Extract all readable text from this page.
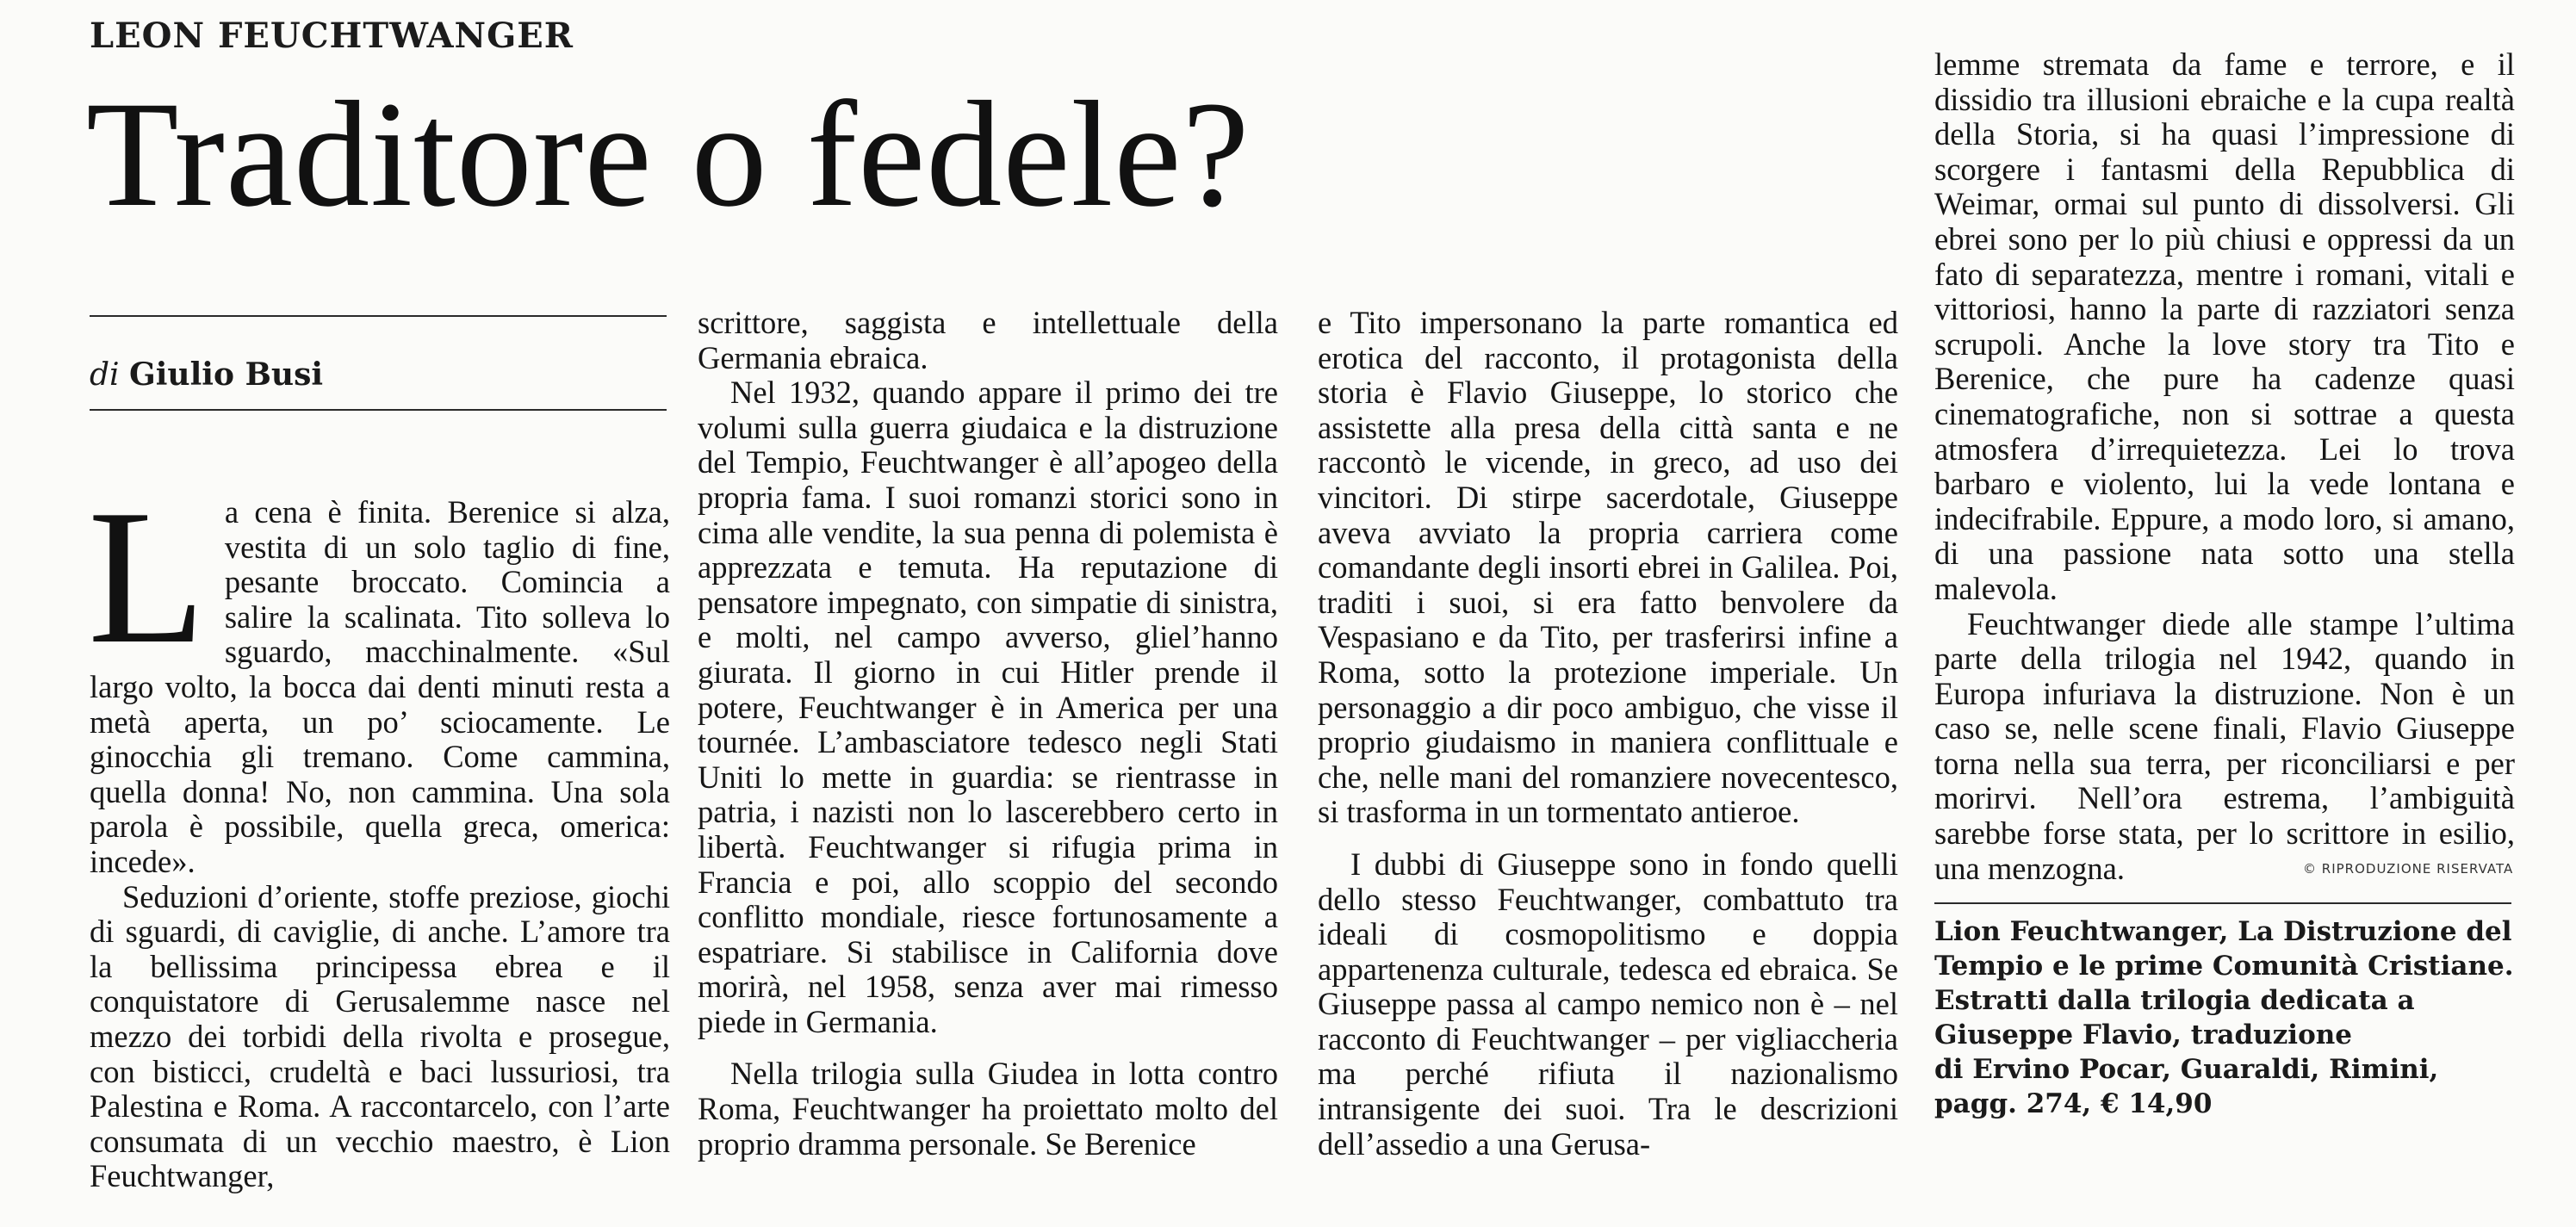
LEON FEUCHTWANGER
Traditore o fedele?
di Giulio Busi

La cena è finita. Berenice si alza, vestita di un solo taglio di fine, pesante broccato. Comincia a salire la scalinata. Tito solleva lo sguardo, macchinalmente. «Sul largo volto, la bocca dai denti minuti resta a metà aperta, un po’ sciocamente. Le ginocchia gli tremano. Come cammina, quella donna! No, non cammina. Una sola parola è possibile, quella greca, omerica: incede».

Seduzioni d’oriente, stoffe preziose, giochi di sguardi, di caviglie, di anche. L’amore tra la bellissima principessa ebrea e il conquistatore di Gerusalemme nasce nel mezzo dei torbidi della rivolta e prosegue, con bisticci, crudeltà e baci lussuriosi, tra Palestina e Roma. A raccontarcelo, con l’arte consumata di un vecchio maestro, è Lion Feuchtwanger,

scrittore, saggista e intellettuale della Germania ebraica.

Nel 1932, quando appare il primo dei tre volumi sulla guerra giudaica e la distruzione del Tempio, Feuchtwanger è all’apogeo della propria fama. I suoi romanzi storici sono in cima alle vendite, la sua penna di polemista è apprezzata e temuta. Ha reputazione di pensatore impegnato, con simpatie di sinistra, e molti, nel campo avverso, gliel’hanno giurata. Il giorno in cui Hitler prende il potere, Feuchtwanger è in America per una tournée. L’ambasciatore tedesco negli Stati Uniti lo mette in guardia: se rientrasse in patria, i nazisti non lo lascerebbero certo in libertà. Feuchtwanger si rifugia prima in Francia e poi, allo scoppio del secondo conflitto mondiale, riesce fortunosamente a espatriare. Si stabilisce in California dove morirà, nel 1958, senza aver mai rimesso piede in Germania.

Nella trilogia sulla Giudea in lotta contro Roma, Feuchtwanger ha proiettato molto del proprio dramma personale. Se Berenice

e Tito impersonano la parte romantica ed erotica del racconto, il protagonista della storia è Flavio Giuseppe, lo storico che assistette alla presa della città santa e ne raccontò le vicende, in greco, ad uso dei vincitori. Di stirpe sacerdotale, Giuseppe aveva avviato la propria carriera come comandante degli insorti ebrei in Galilea. Poi, traditi i suoi, si era fatto benvolere da Vespasiano e da Tito, per trasferirsi infine a Roma, sotto la protezione imperiale. Un personaggio a dir poco ambiguo, che visse il proprio giudaismo in maniera conflittuale e che, nelle mani del romanziere novecentesco, si trasforma in un tormentato antieroe.

I dubbi di Giuseppe sono in fondo quelli dello stesso Feuchtwanger, combattuto tra ideali di cosmopolitismo e doppia appartenenza culturale, tedesca ed ebraica. Se Giuseppe passa al campo nemico non è – nel racconto di Feuchtwanger – per vigliaccheria ma perché rifiuta il nazionalismo intransigente dei suoi. Tra le descrizioni dell’assedio a una Gerusa-

lemme stremata da fame e terrore, e il dissidio tra illusioni ebraiche e la cupa realtà della Storia, si ha quasi l’impressione di scorgere i fantasmi della Repubblica di Weimar, ormai sul punto di dissolversi. Gli ebrei sono per lo più chiusi e oppressi da un fato di separatezza, mentre i romani, vitali e vittoriosi, hanno la parte di razziatori senza scrupoli. Anche la love story tra Tito e Berenice, che pure ha cadenze quasi cinematografiche, non si sottrae a questa atmosfera d’irrequietezza. Lei lo trova barbaro e violento, lui la vede lontana e indecifrabile. Eppure, a modo loro, si amano, di una passione nata sotto una stella malevola.

Feuchtwanger diede alle stampe l’ultima parte della trilogia nel 1942, quando in Europa infuriava la distruzione. Non è un caso se, nelle scene finali, Flavio Giuseppe torna nella sua terra, per riconciliarsi e per morirvi. Nell’ora estrema, l’ambiguità sarebbe forse stata, per lo scrittore in esilio, una menzogna.	© RIPRODUZIONE RISERVATA
Lion Feuchtwanger, La Distruzione del
Tempio e le prime Comunità Cristiane.
Estratti dalla trilogia dedicata a
Giuseppe Flavio, traduzione
di Ervino Pocar, Guaraldi, Rimini,
pagg. 274, € 14,90
